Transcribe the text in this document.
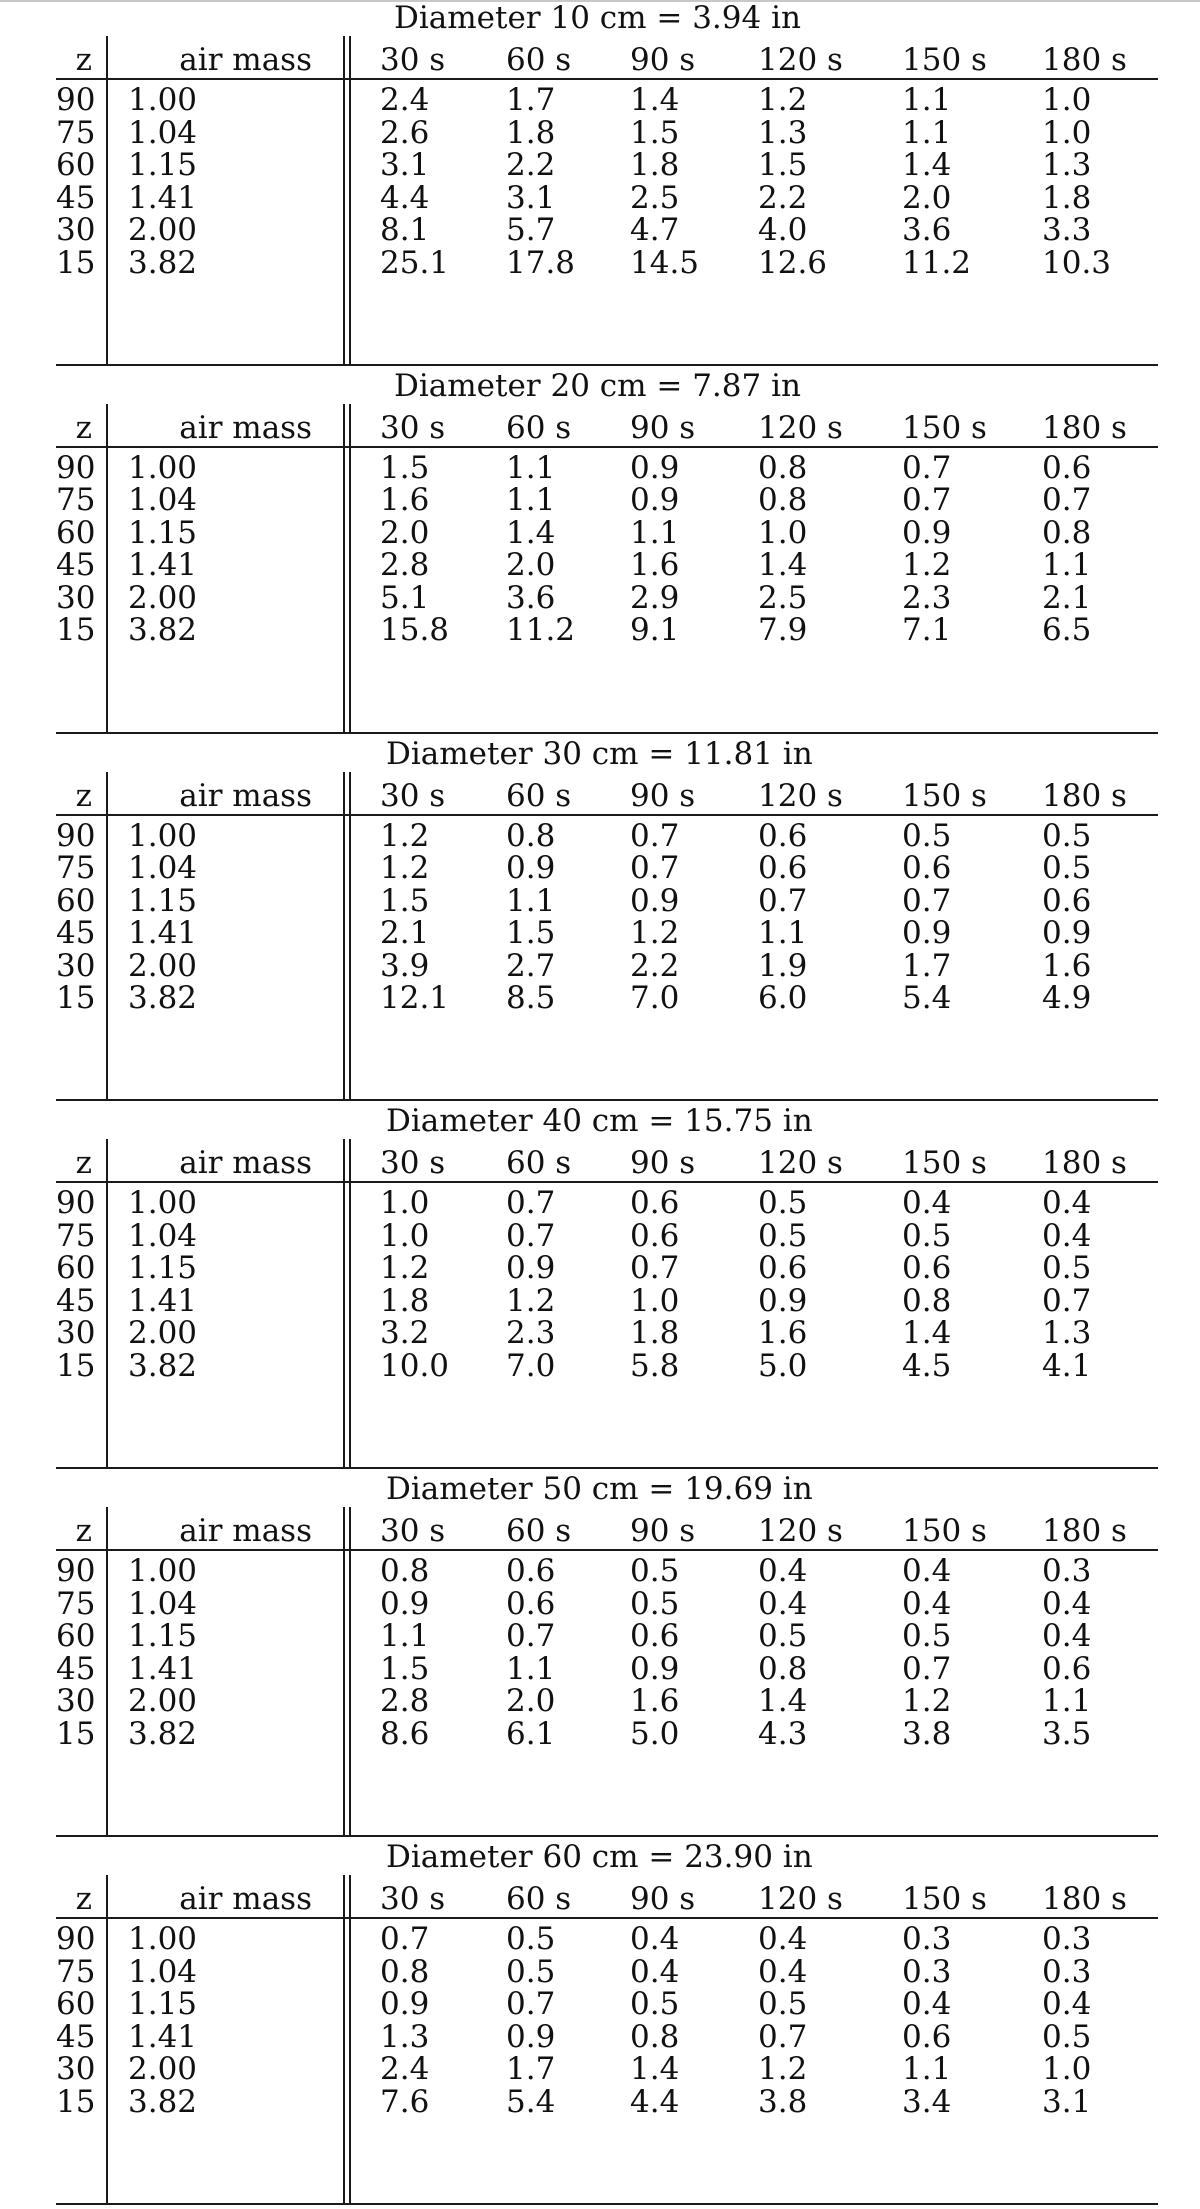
Diameter 10 cm = 3.94 in
z	air mass 30 s 60 s 90 s 120 s	150 s 180 s
90 1.00	2.4	1.7	1.4	1.2	1.1	1.0
75 1.04	2.6	1.8	1.5	1.3	1.1	1.0
60 1.15	3.1	2.2	1.8	1.5	1.4	1.3
45 1.41	4.4	3.1	2.5	2.2	2.0	1.8
30 2.00	8.1	5.7	4.7	4.0	3.6	3.3
15 3.82	25.1 17.8 14.5 12.6	11.2	10.3
Diameter 20 cm = 7.87 in
z	air mass 30 s 60 s 90 s 120 s	150 s 180 s
90 1.00	1.5	1.1	0.9	0.8	0.7	0.6
75 1.04	1.6	1.1	0.9	0.8	0.7	0.7
60 1.15	2.0	1.4	1.1	1.0	0.9	0.8
45 1.41	2.8	2.0	1.6	1.4	1.2	1.1
30 2.00	5.1	3.6	2.9	2.5	2.3	2.1
15 3.82	15.8 11.2 9.1	7.9	7.1	6.5
Diameter 30 cm = 11.81 in
z	air mass 30 s 60 s 90 s 120 s	150 s 180 s
90 1.00	1.2	0.8	0.7	0.6	0.5	0.5
75 1.04	1.2	0.9	0.7	0.6	0.6	0.5
60 1.15	1.5	1.1	0.9	0.7	0.7	0.6
45 1.41	2.1	1.5	1.2	1.1	0.9	0.9
30 2.00	3.9	2.7	2.2	1.9	1.7	1.6
15 3.82	12.1 8.5	7.0	6.0	5.4	4.9
Diameter 40 cm = 15.75 in
z	air mass 30 s 60 s 90 s 120 s	150 s 180 s
90 1.00	1.0	0.7	0.6	0.5	0.4	0.4
75 1.04	1.0	0.7	0.6	0.5	0.5	0.4
60 1.15	1.2	0.9	0.7	0.6	0.6	0.5
45 1.41	1.8	1.2	1.0	0.9	0.8	0.7
30 2.00	3.2	2.3	1.8	1.6	1.4	1.3
15 3.82	10.0 7.0	5.8	5.0	4.5	4.1
Diameter 50 cm = 19.69 in
z	air mass 30 s 60 s 90 s 120 s	150 s 180 s
90 1.00	0.8	0.6	0.5	0.4	0.4	0.3
75 1.04	0.9	0.6	0.5	0.4	0.4	0.4
60 1.15	1.1	0.7	0.6	0.5	0.5	0.4
45 1.41	1.5	1.1	0.9	0.8	0.7	0.6
30 2.00	2.8	2.0	1.6	1.4	1.2	1.1
15 3.82	8.6	6.1	5.0	4.3	3.8	3.5
Diameter 60 cm = 23.90 in
z	air mass 30 s 60 s 90 s 120 s	150 s 180 s
90 1.00	0.7	0.5	0.4	0.4	0.3	0.3
75 1.04	0.8	0.5	0.4	0.4	0.3	0.3
60 1.15	0.9	0.7	0.5	0.5	0.4	0.4
45 1.41	1.3	0.9	0.8	0.7	0.6	0.5
30 2.00	2.4	1.7	1.4	1.2	1.1	1.0
15 3.82	7.6	5.4	4.4	3.8	3.4	3.1
